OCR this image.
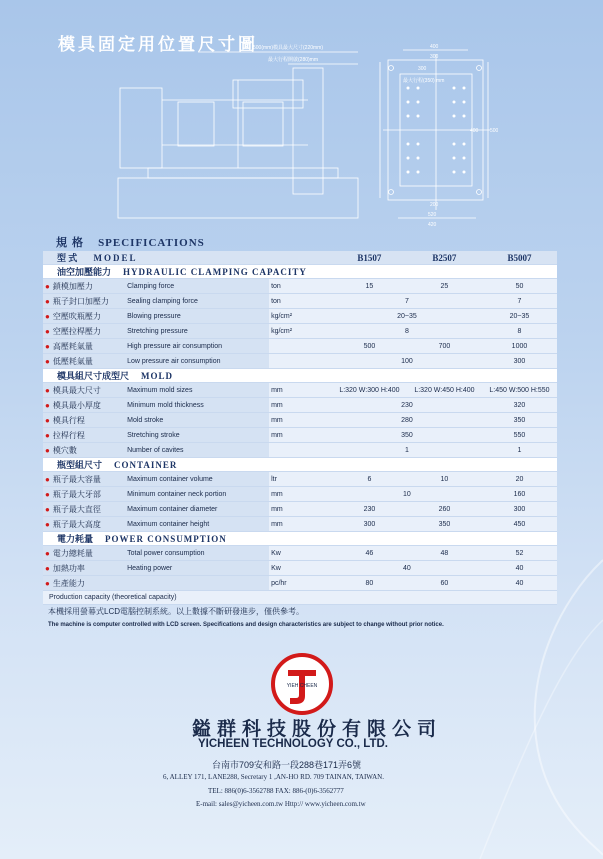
模具固定用位置尺寸圖
500(mm)模具最大尺寸(220mm)
最大行程開啟(280)mm
最大行程(350) mm
400
300
300
500
400
200
520
420
規 格 SPECIFICATIONS
型 式 MODEL			B1507	B2507	B5007
油空加壓能力 HYDRAULIC CLAMPING CAPACITY					
● 鎖模加壓力	Clamping force	ton	15	25	50
● 瓶子封口加壓力	Sealing clamping force	ton	7		7
● 空壓吹瓶壓力	Blowing pressure	kg/cm²	20~35		20~35
● 空壓拉桿壓力	Stretching pressure	kg/cm²	8		8
● 高壓耗氣量	High pressure air consumption		500	700	1000
● 低壓耗氣量	Low pressure air consumption		100		300
模具組尺寸成型尺 MOLD					
● 模具最大尺寸	Maximum mold sizes	mm	L:320 W:300 H:400	L:320 W:450 H:400	L:450 W:500 H:550
● 模具最小厚度	Minimum mold thickness	mm	230		320
● 模具行程	Mold stroke	mm	280		350
● 拉桿行程	Stretching stroke	mm	350		550
● 模穴數	Number of cavites		1		1
瓶型組尺寸 CONTAINER					
● 瓶子最大容量	Maximum container volume	ltr	6	10	20
● 瓶子最大牙部	Minimum container neck portion	mm	10		160
● 瓶子最大直徑	Maximum container diameter	mm	230	260	300
● 瓶子最大高度	Maximum container height	mm	300	350	450
電力耗量 POWER CONSUMPTION					
● 電力總耗量	Total power consumption	Kw	46	48	52
● 加熱功率	Heating power	Kw	40		40
● 生產能力		pc/hr	80	60	40
Production capacity (theoretical capacity)					
本機採用螢幕式LCD電腦控制系統。以上數據不斷研發進步，僅供參考。
The machine is computer controlled with LCD screen. Specifications and design characteristics are subject to change without prior notice.
YIEH CHEEN
鎰群科技股份有限公司
YICHEEN TECHNOLOGY CO., LTD.
台南市709安和路一段288巷171弄6號
6, ALLEY 171, LANE288, Secretary 1 ,AN-HO RD. 709 TAINAN, TAIWAN.
TEL: 886(0)6-3562788 FAX: 886-(0)6-3562777
E-mail: sales@yicheen.com.tw Http:// www.yicheen.com.tw
